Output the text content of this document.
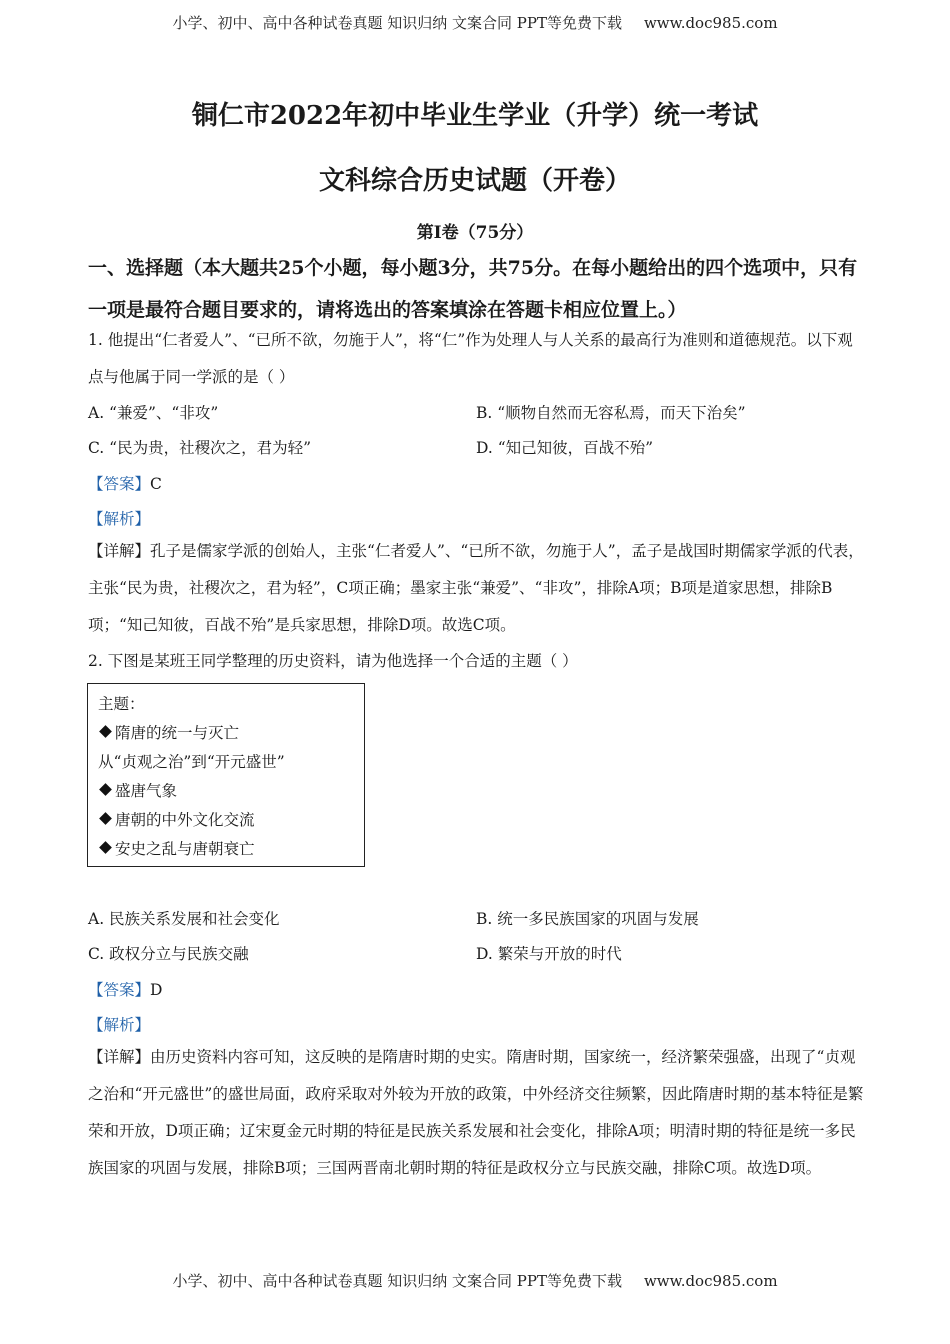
小学、初中、高中各种试卷真题 知识归纳 文案合同 PPT等免费下载 www.doc985.com
铜仁市2022年初中毕业生学业（升学）统一考试
文科综合历史试题（开卷）
第Ⅰ卷（75分）
一、选择题（本大题共25个小题，每小题3分，共75分。在每小题给出的四个选项中，只有一项是最符合题目要求的，请将选出的答案填涂在答题卡相应位置上。）
1. 他提出“仁者爱人”、“已所不欲，勿施于人”，将“仁”作为处理人与人关系的最高行为准则和道德规范。以下观点与他属于同一学派的是（ ）
A. “兼爱”、“非攻”	B. “顺物自然而无容私焉，而天下治矣”
C. “民为贵，社稷次之，君为轻”	D. “知己知彼，百战不殆”
【答案】C
【解析】
【详解】孔子是儒家学派的创始人，主张“仁者爱人”、“已所不欲，勿施于人”，孟子是战国时期儒家学派的代表，主张“民为贵，社稷次之，君为轻”，C项正确；墨家主张“兼爱”、“非攻”，排除A项；B项是道家思想，排除B项；“知己知彼，百战不殆”是兵家思想，排除D项。故选C项。
2. 下图是某班王同学整理的历史资料，请为他选择一个合适的主题（ ）
主题：
隋唐的统一与灭亡
从“贞观之治”到“开元盛世”
盛唐气象
唐朝的中外文化交流
安史之乱与唐朝衰亡
A. 民族关系发展和社会变化	B. 统一多民族国家的巩固与发展
C. 政权分立与民族交融	D. 繁荣与开放的时代
【答案】D
【解析】
【详解】由历史资料内容可知，这反映的是隋唐时期的史实。隋唐时期，国家统一，经济繁荣强盛，出现了“贞观之治和“开元盛世”的盛世局面，政府采取对外较为开放的政策，中外经济交往频繁，因此隋唐时期的基本特征是繁荣和开放，D项正确；辽宋夏金元时期的特征是民族关系发展和社会变化，排除A项；明清时期的特征是统一多民族国家的巩固与发展，排除B项；三国两晋南北朝时期的特征是政权分立与民族交融，排除C项。故选D项。
小学、初中、高中各种试卷真题 知识归纳 文案合同 PPT等免费下载 www.doc985.com
